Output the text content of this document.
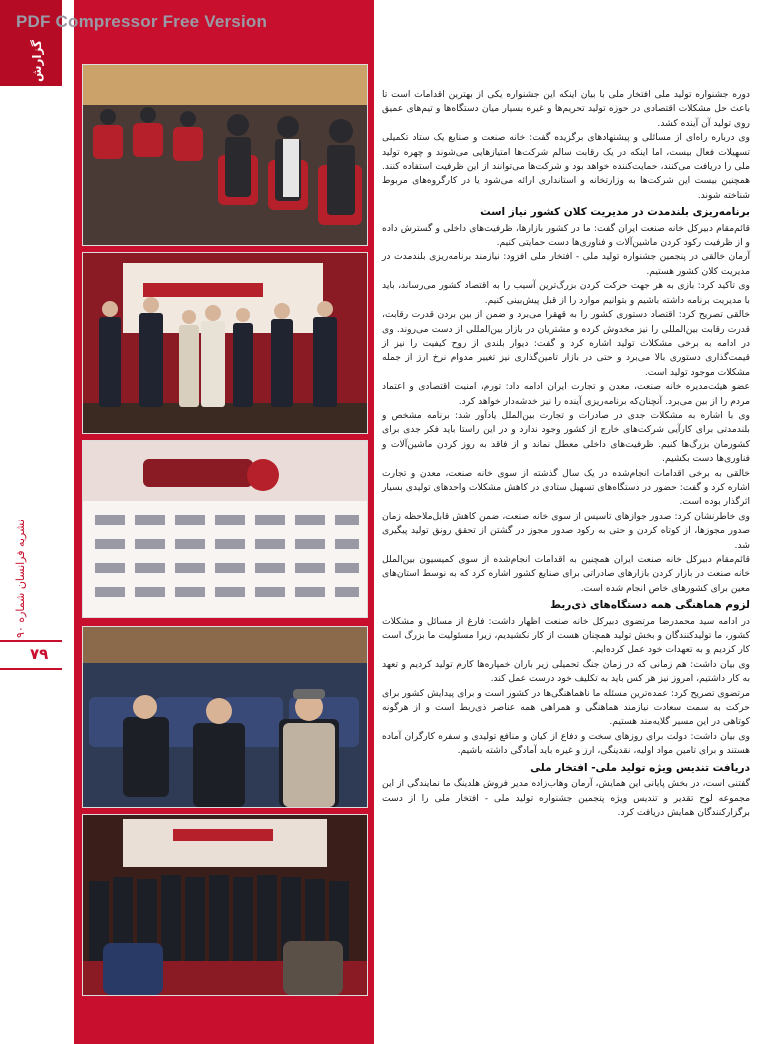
PDF Compressor Free Version
گزارش
نشریه فرانسان شماره ٩٠
٧٩

دوره جشنواره تولید ملی افتخار ملی با بیان اینکه این جشنواره یکی از بهترین اقدامات است تا باعث حل مشکلات اقتصادی در حوزه تولید تحریم‌ها و غیره بسیار میان دستگاه‌ها و تیم‌های عمیق روی تولید آن آینده کشد.

وی درباره راه‌ای از مسائلی و پیشنهادهای برگزیده گفت: خانه صنعت و صنایع یک ستاد تکمیلی تسهیلات فعال بیست، اما اینکه در یک رقابت سالم شرکت‌ها امتیازهایی می‌شوند و چهره تولید ملی را دریافت می‌کنند، حمایت‌کننده خواهد بود و شرکت‌ها می‌توانند از این ظرفیت استفاده کنند. همچنین بیست این شرکت‌ها به وزارتخانه و استانداری ارائه می‌شود یا در کارگروه‌های مربوط شناخته شوند.

برنامه‌ریزی بلندمدت در مدیریت کلان کشور نیاز است

قائم‌مقام دبیرکل خانه صنعت ایران گفت: ما در کشور بازارها، ظرفیت‌های داخلی و گسترش داده و از ظرفیت رکود کردن ماشین‌آلات و فناوری‌ها دست حمایتی کنیم.

آرمان خالقی در پنجمین جشنواره تولید ملی - افتخار ملی افزود: نیازمند برنامه‌ریزی بلندمدت در مدیریت کلان کشور هستیم.

وی تاکید کرد: بازی به هر جهت حرکت کردن بزرگ‌ترین آسیب را به اقتصاد کشور می‌رساند، باید با مدیریت برنامه داشته باشیم و بتوانیم موارد را از قبل پیش‌بینی کنیم.

خالقی تصریح کرد: اقتصاد دستوری کشور را به قهقرا می‌برد و ضمن از بین بردن قدرت رقابت، قدرت رقابت بین‌المللی را نیز مخدوش کرده و مشتریان در بازار بین‌المللی از دست می‌روند. وی در ادامه به برخی مشکلات تولید اشاره کرد و گفت: دیوار بلندی از روح کیفیت را نیز از قیمت‌گذاری دستوری بالا می‌برد و حتی در بازار تامین‌گذاری نیز تغییر مدوام نرخ ارز از جمله مشکلات موجود تولید است.

عضو هیئت‌مدیره خانه صنعت، معدن و تجارت ایران ادامه داد: تورم، امنیت اقتصادی و اعتماد مردم را از بین می‌برد. آنچنان‌که برنامه‌ریزی آینده را نیز خدشه‌دار خواهد کرد.

وی با اشاره به مشکلات جدی در صادرات و تجارت بین‌الملل یادآور شد: برنامه مشخص و بلندمدتی برای کارآیی شرکت‌های خارج از کشور وجود ندارد و در این راستا باید فکر جدی برای کشورمان بزرگ‌ها کنیم. ظرفیت‌های داخلی معطل نماند و از فاقد به روز کردن ماشین‌آلات و فناوری‌ها دست بکشیم.

خالقی به برخی اقدامات انجام‌شده در یک سال گذشته از سوی خانه صنعت، معدن و تجارت اشاره کرد و گفت: حضور در دستگاه‌های تسهیل ستادی در کاهش مشکلات واحدهای تولیدی بسیار اثرگذار بوده است.

وی خاطرنشان کرد: صدور جوازهای تاسیس از سوی خانه صنعت، ضمن کاهش قابل‌ملاحظه زمان صدور مجوزها، از کوتاه کردن و حتی به رکود صدور مجوز در گشتن از تحقق رونق تولید پیگیری شد.

قائم‌مقام دبیرکل خانه صنعت ایران همچنین به اقدامات انجام‌شده از سوی کمیسیون بین‌الملل خانه صنعت در بازار کردن بازارهای صادراتی برای صنایع کشور اشاره کرد که به نوسط استان‌های معین برای کشورهای خاص انجام شده است.

لزوم هماهنگی همه دستگاه‌های ذی‌ربط

در ادامه سید محمدرضا مرتضوی دبیرکل خانه صنعت اظهار داشت: فارغ از مسائل و مشکلات کشور، ما تولیدکنندگان و بخش تولید همچنان هست از کار نکشیدیم، زیرا مسئولیت ما بزرگ است کار کردیم و به تعهدات خود عمل کرده‌ایم.

وی بیان داشت: هم زمانی که در زمان جنگ تحمیلی زیر باران خمپاره‌ها کارم تولید کردیم و تعهد به کار داشتیم، امروز نیز هر کس باید به تکلیف خود درست عمل کند.

مرتضوی تصریح کرد: عمده‌ترین مسئله ما ناهماهنگی‌ها در کشور است و برای پیدایش کشور برای حرکت به سمت سعادت نیازمند هماهنگی و همراهی همه عناصر ذی‌ربط است و از هرگونه کوتاهی در این مسیر گلایه‌مند هستیم.

وی بیان داشت: دولت برای روزهای سخت و دفاع از کیان و منافع تولیدی و سفره کارگران آماده هستند و برای تامین مواد اولیه، نقدینگی، ارز و غیره باید آمادگی داشته باشیم.

دریافت تندیس ویژه تولید ملی- افتخار ملی

گفتنی است، در بخش پایانی این همایش، آرمان وهاب‌زاده مدیر فروش هلدینگ ما نمایندگی از این مجموعه لوح تقدیر و تندیس ویژه پنجمین جشنواره تولید ملی - افتخار ملی را از دست برگزارکنندگان همایش دریافت کرد.
